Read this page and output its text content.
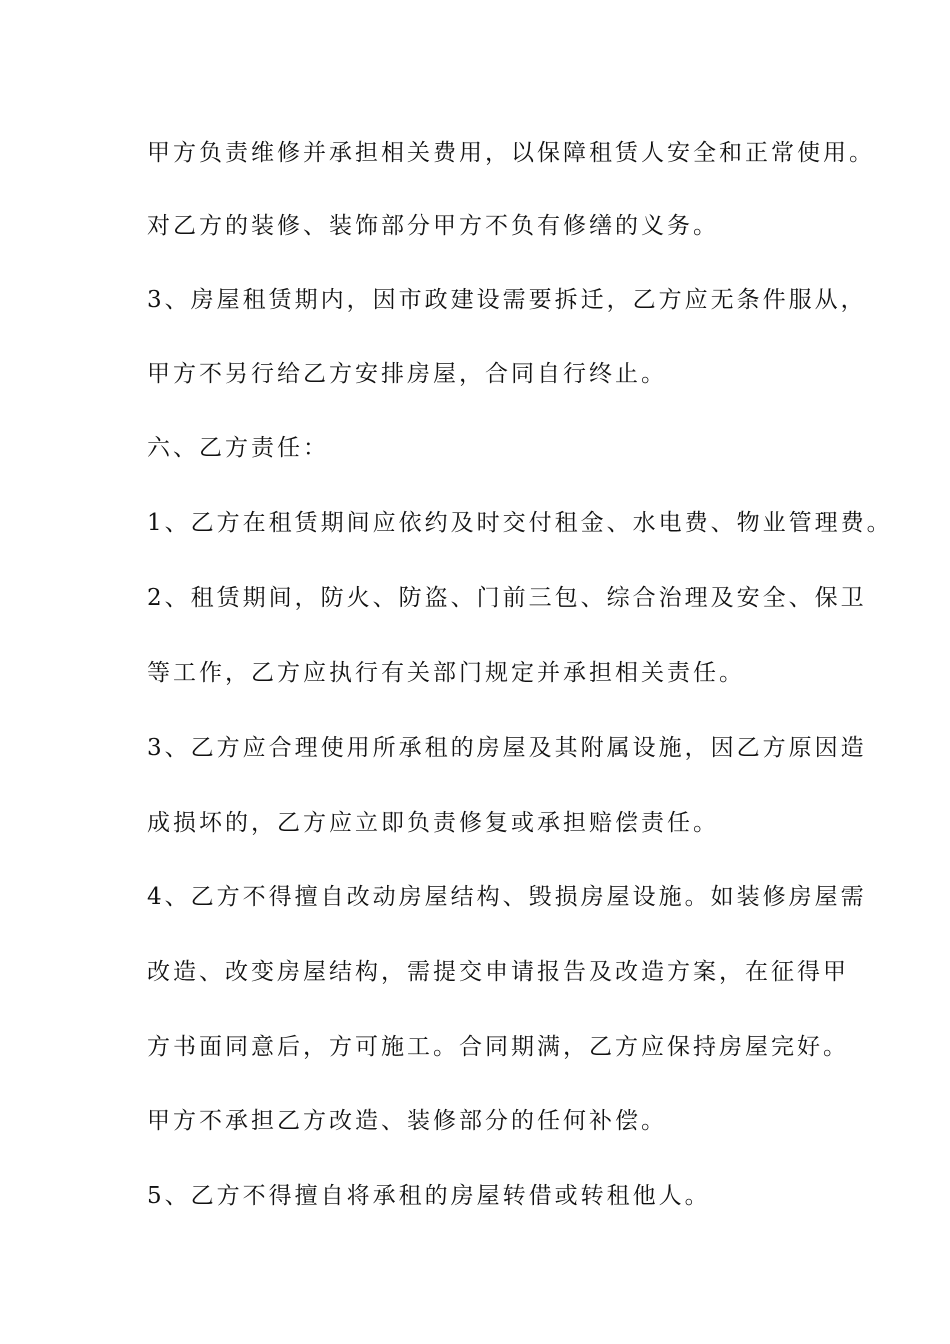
甲方负责维修并承担相关费用，以保障租赁人安全和正常使用。
对乙方的装修、装饰部分甲方不负有修缮的义务。
3、房屋租赁期内，因市政建设需要拆迁，乙方应无条件服从，
甲方不另行给乙方安排房屋，合同自行终止。
六、乙方责任：
1、乙方在租赁期间应依约及时交付租金、水电费、物业管理费。
2、租赁期间，防火、防盗、门前三包、综合治理及安全、保卫
等工作，乙方应执行有关部门规定并承担相关责任。
3、乙方应合理使用所承租的房屋及其附属设施，因乙方原因造
成损坏的，乙方应立即负责修复或承担赔偿责任。
4、乙方不得擅自改动房屋结构、毁损房屋设施。如装修房屋需
改造、改变房屋结构，需提交申请报告及改造方案，在征得甲
方书面同意后，方可施工。合同期满，乙方应保持房屋完好。
甲方不承担乙方改造、装修部分的任何补偿。
5、乙方不得擅自将承租的房屋转借或转租他人。
